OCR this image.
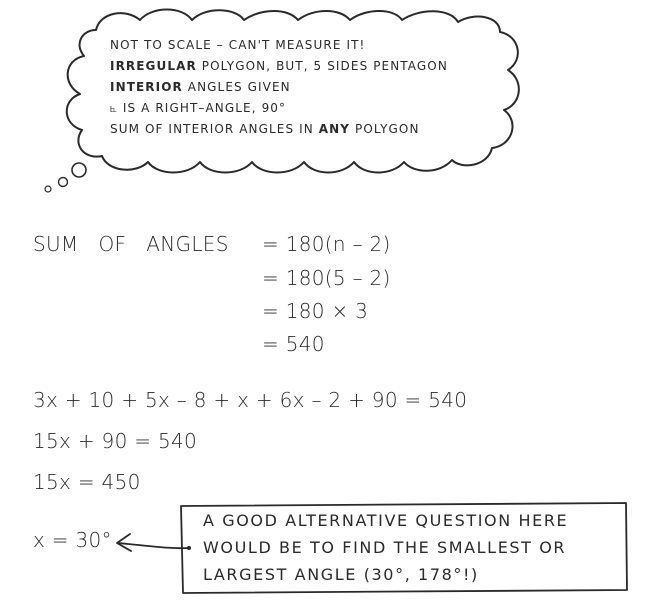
NOT TO SCALE – CAN'T MEASURE IT!
IRREGULAR POLYGON, BUT, 5 SIDES PENTAGON
INTERIOR ANGLES GIVEN
⦜ IS A RIGHT–ANGLE, 90°
SUM OF INTERIOR ANGLES IN ANY POLYGON
SUM   OF   ANGLES = 180(n – 2)
= 180(5 – 2)
= 180 × 3
= 540
3x + 10 + 5x – 8 + x + 6x – 2 + 90 = 540
15x + 90 = 540
15x = 450
x = 30°
A GOOD ALTERNATIVE QUESTION HERE
WOULD BE TO FIND THE SMALLEST OR
LARGEST ANGLE (30°, 178°!)
